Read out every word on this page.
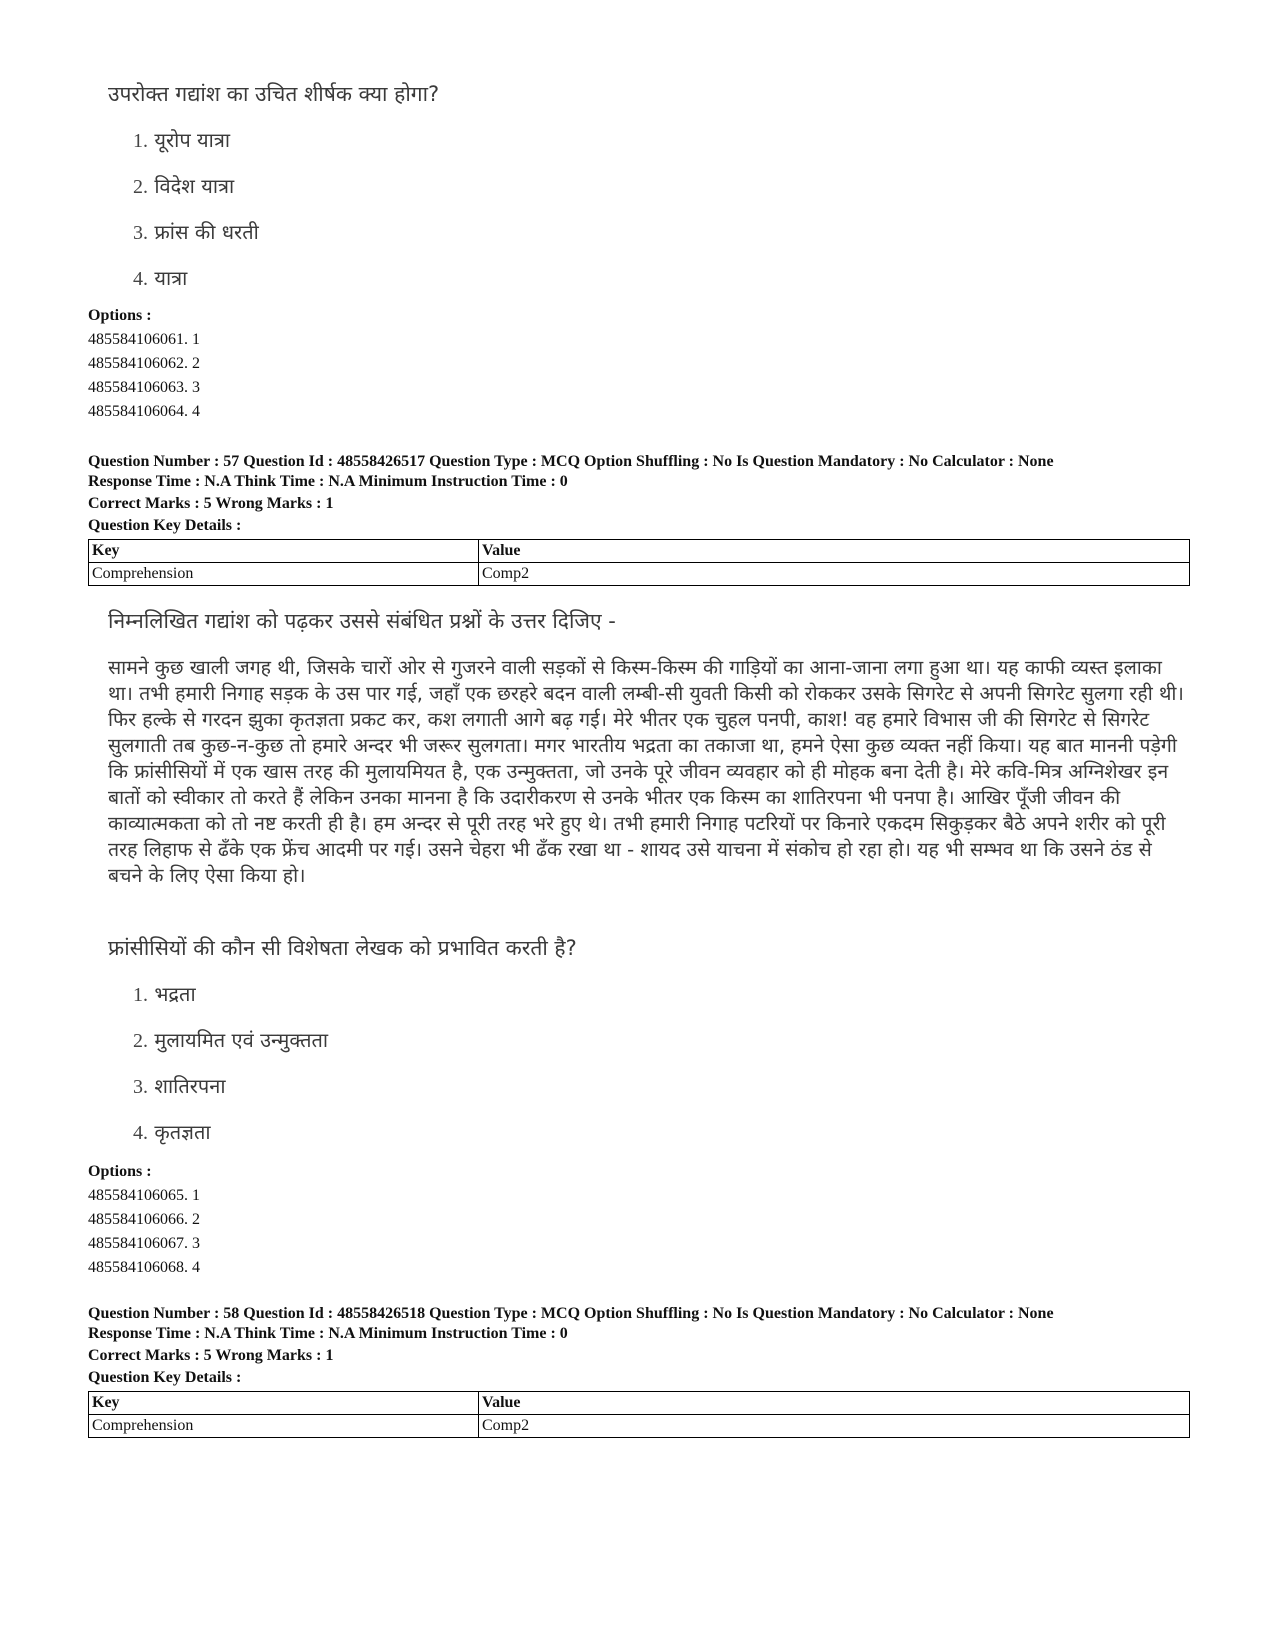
उपरोक्त गद्यांश का उचित शीर्षक क्या होगा?
1. यूरोप यात्रा
2. विदेश यात्रा
3. फ्रांस की धरती
4. यात्रा
Options :
485584106061. 1
485584106062. 2
485584106063. 3
485584106064. 4
Question Number : 57 Question Id : 48558426517 Question Type : MCQ Option Shuffling : No Is Question Mandatory : No Calculator : None
Response Time : N.A Think Time : N.A Minimum Instruction Time : 0
Correct Marks : 5 Wrong Marks : 1
Question Key Details :
Key	Value
Comprehension	Comp2
निम्नलिखित गद्यांश को पढ़कर उससे संबंधित प्रश्नों के उत्तर दिजिए -
सामने कुछ खाली जगह थी, जिसके चारों ओर से गुजरने वाली सड़कों से किस्म-किस्म की गाड़ियों का आना-जाना लगा हुआ था। यह काफी व्यस्त इलाका था। तभी हमारी निगाह सड़क के उस पार गई, जहाँ एक छरहरे बदन वाली लम्बी-सी युवती किसी को रोककर उसके सिगरेट से अपनी सिगरेट सुलगा रही थी। फिर हल्के से गरदन झुका कृतज्ञता प्रकट कर, कश लगाती आगे बढ़ गई। मेरे भीतर एक चुहल पनपी, काश! वह हमारे विभास जी की सिगरेट से सिगरेट सुलगाती तब कुछ-न-कुछ तो हमारे अन्दर भी जरूर सुलगता। मगर भारतीय भद्रता का तकाजा था, हमने ऐसा कुछ व्यक्त नहीं किया। यह बात माननी पड़ेगी कि फ्रांसीसियों में एक खास तरह की मुलायमियत है, एक उन्मुक्तता, जो उनके पूरे जीवन व्यवहार को ही मोहक बना देती है। मेरे कवि-मित्र अग्निशेखर इन बातों को स्वीकार तो करते हैं लेकिन उनका मानना है कि उदारीकरण से उनके भीतर एक किस्म का शातिरपना भी पनपा है। आखिर पूँजी जीवन की काव्यात्मकता को तो नष्ट करती ही है। हम अन्दर से पूरी तरह भरे हुए थे। तभी हमारी निगाह पटरियों पर किनारे एकदम सिकुड़कर बैठे अपने शरीर को पूरी तरह लिहाफ से ढँके एक फ्रेंच आदमी पर गई। उसने चेहरा भी ढँक रखा था - शायद उसे याचना में संकोच हो रहा हो। यह भी सम्भव था कि उसने ठंड से बचने के लिए ऐसा किया हो।
फ्रांसीसियों की कौन सी विशेषता लेखक को प्रभावित करती है?
1. भद्रता
2. मुलायमित एवं उन्मुक्तता
3. शातिरपना
4. कृतज्ञता
Options :
485584106065. 1
485584106066. 2
485584106067. 3
485584106068. 4
Question Number : 58 Question Id : 48558426518 Question Type : MCQ Option Shuffling : No Is Question Mandatory : No Calculator : None
Response Time : N.A Think Time : N.A Minimum Instruction Time : 0
Correct Marks : 5 Wrong Marks : 1
Question Key Details :
Key	Value
Comprehension	Comp2
